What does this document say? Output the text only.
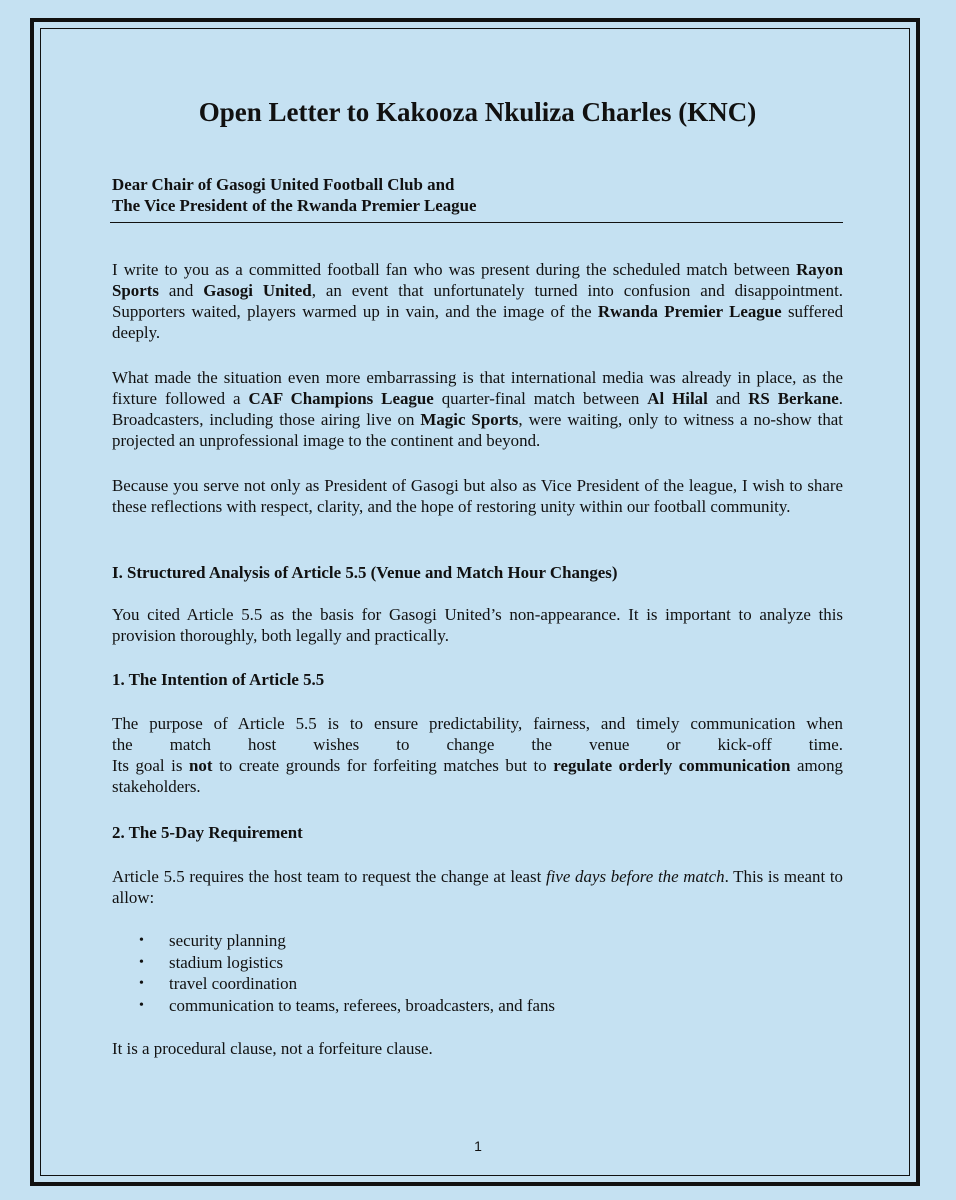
Open Letter to Kakooza Nkuliza Charles (KNC)
Dear Chair of Gasogi United Football Club and
The Vice President of the Rwanda Premier League

I write to you as a committed football fan who was present during the scheduled match between Rayon Sports and Gasogi United, an event that unfortunately turned into confusion and disappointment. Supporters waited, players warmed up in vain, and the image of the Rwanda Premier League suffered deeply.

What made the situation even more embarrassing is that international media was already in place, as the fixture followed a CAF Champions League quarter-final match between Al Hilal and RS Berkane. Broadcasters, including those airing live on Magic Sports, were waiting, only to witness a no-show that projected an unprofessional image to the continent and beyond.

Because you serve not only as President of Gasogi but also as Vice President of the league, I wish to share these reflections with respect, clarity, and the hope of restoring unity within our football community.

I. Structured Analysis of Article 5.5 (Venue and Match Hour Changes)

You cited Article 5.5 as the basis for Gasogi United’s non-appearance. It is important to analyze this provision thoroughly, both legally and practically.

1. The Intention of Article 5.5
The purpose of Article 5.5 is to ensure predictability, fairness, and timely communication when
the match host wishes to change the venue or kick-off time.
Its goal is not to create grounds for forfeiting matches but to regulate orderly communication among stakeholders.
2. The 5-Day Requirement

Article 5.5 requires the host team to request the change at least five days before the match. This is meant to allow:

• security planning
• stadium logistics
• travel coordination
• communication to teams, referees, broadcasters, and fans

It is a procedural clause, not a forfeiture clause.

1
